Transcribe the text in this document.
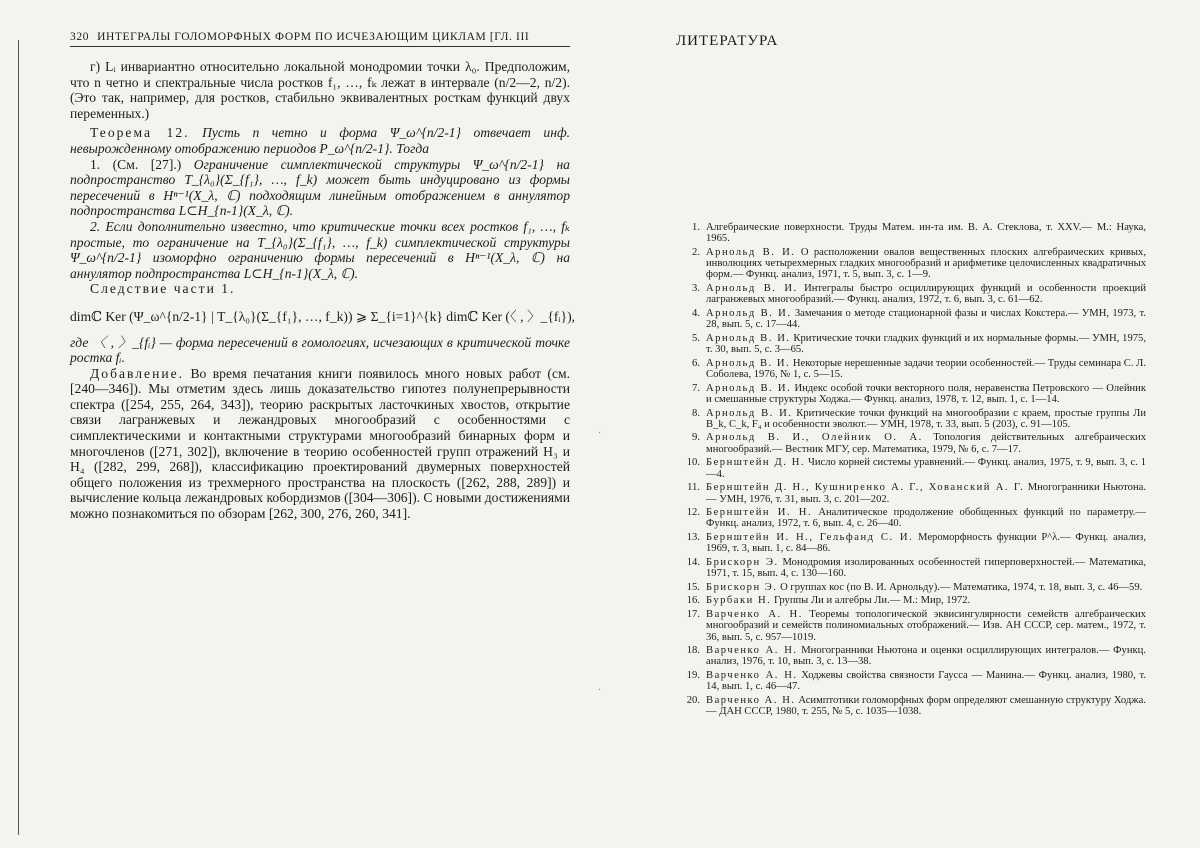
320 ИНТЕГРАЛЫ ГОЛОМОРФНЫХ ФОРМ ПО ИСЧЕЗАЮЩИМ ЦИКЛАМ [ГЛ. III

г) Lᵢ инвариантно относительно локальной монодромии точки λ₀. Предположим, что n четно и спектральные числа ростков f₁, …, fₖ лежат в интервале (n/2—2, n/2). (Это так, например, для ростков, стабильно эквивалентных росткам функций двух переменных.)

Теорема 12. Пусть n четно и форма Ψ_ω^{n/2-1} отвечает инф. невырожденному отображению периодов P_ω^{n/2-1}. Тогда

1. (См. [27].) Ограничение симплектической структуры Ψ_ω^{n/2-1} на подпространство T_{λ₀}(Σ_{f₁}, …, f_k) может быть индуцировано из формы пересечений в Hⁿ⁻¹(X_λ, ℂ) подходящим линейным отображением в аннулятор подпространства L⊂H_{n-1}(X_λ, ℂ).

2. Если дополнительно известно, что критические точки всех ростков f₁, …, fₖ простые, то ограничение на T_{λ₀}(Σ_{f₁}, …, f_k) симплектической структуры Ψ_ω^{n/2-1} изоморфно ограничению формы пересечений в Hⁿ⁻¹(X_λ, ℂ) на аннулятор подпространства L⊂H_{n-1}(X_λ, ℂ).

Следствие части 1.

dimℂ Ker (Ψ_ω^{n/2-1} | T_{λ₀}(Σ_{f₁}, …, f_k)) ⩾ Σ_{i=1}^{k} dimℂ Ker (〈 , 〉_{fᵢ}),

где 〈 , 〉_{fᵢ} — форма пересечений в гомологиях, исчезающих в критической точке ростка fᵢ.

Добавление. Во время печатания книги появилось много новых работ (см. [240—346]). Мы отметим здесь лишь доказательство гипотез полунепрерывности спектра ([254, 255, 264, 343]), теорию раскрытых ласточкиных хвостов, открытие связи лагранжевых и лежандровых многообразий с особенностями с симплектическими и контактными структурами многообразий бинарных форм и многочленов ([271, 302]), включение в теорию особенностей групп отражений H₃ и H₄ ([282, 299, 268]), классификацию проектирований двумерных поверхностей общего положения из трехмерного пространства на плоскость ([262, 288, 289]) и вычисление кольца лежандровых кобордизмов ([304—306]). С новыми достижениями можно познакомиться по обзорам [262, 300, 276, 260, 341].

ЛИТЕРАТУРА
1. Алгебраические поверхности. Труды Матем. ин-та им. В. А. Стеклова, т. XXV.— М.: Наука, 1965.
2. Арнольд В. И. О расположении овалов вещественных плоских алгебраических кривых, инволюциях четырехмерных гладких многообразий и арифметике целочисленных квадратичных форм.— Функц. анализ, 1971, т. 5, вып. 3, с. 1—9.
3. Арнольд В. И. Интегралы быстро осциллирующих функций и особенности проекций лагранжевых многообразий.— Функц. анализ, 1972, т. 6, вып. 3, с. 61—62.
4. Арнольд В. И. Замечания о методе стационарной фазы и числах Кокстера.— УМН, 1973, т. 28, вып. 5, с. 17—44.
5. Арнольд В. И. Критические точки гладких функций и их нормальные формы.— УМН, 1975, т. 30, вып. 5, с. 3—65.
6. Арнольд В. И. Некоторые нерешенные задачи теории особенностей.— Труды семинара С. Л. Соболева, 1976, № 1, с. 5—15.
7. Арнольд В. И. Индекс особой точки векторного поля, неравенства Петровского — Олейник и смешанные структуры Ходжа.— Функц. анализ, 1978, т. 12, вып. 1, с. 1—14.
8. Арнольд В. И. Критические точки функций на многообразии с краем, простые группы Ли B_k, C_k, F₄ и особенности эволют.— УМН, 1978, т. 33, вып. 5 (203), с. 91—105.
9. Арнольд В. И., Олейник О. А. Топология действительных алгебраических многообразий.— Вестник МГУ, сер. Математика, 1979, № 6, с. 7—17.
10. Бернштейн Д. Н. Число корней системы уравнений.— Функц. анализ, 1975, т. 9, вып. 3, с. 1—4.
11. Бернштейн Д. Н., Кушниренко А. Г., Хованский А. Г. Многогранники Ньютона.— УМН, 1976, т. 31, вып. 3, с. 201—202.
12. Бернштейн И. Н. Аналитическое продолжение обобщенных функций по параметру.— Функц. анализ, 1972, т. 6, вып. 4, с. 26—40.
13. Бернштейн И. Н., Гельфанд С. И. Мероморфность функции P^λ.— Функц. анализ, 1969, т. 3, вып. 1, с. 84—86.
14. Брискорн Э. Монодромия изолированных особенностей гиперповерхностей.— Математика, 1971, т. 15, вып. 4, с. 130—160.
15. Брискорн Э. О группах кос (по В. И. Арнольду).— Математика, 1974, т. 18, вып. 3, с. 46—59.
16. Бурбаки Н. Группы Ли и алгебры Ли.— М.: Мир, 1972.
17. Варченко А. Н. Теоремы топологической эквисингулярности семейств алгебраических многообразий и семейств полиномиальных отображений.— Изв. АН СССР, сер. матем., 1972, т. 36, вып. 5, с. 957—1019.
18. Варченко А. Н. Многогранники Ньютона и оценки осциллирующих интегралов.— Функц. анализ, 1976, т. 10, вып. 3, с. 13—38.
19. Варченко А. Н. Ходжевы свойства связности Гаусса — Манина.— Функц. анализ, 1980, т. 14, вып. 1, с. 46—47.
20. Варченко А. Н. Асимптотики голоморфных форм определяют смешанную структуру Ходжа.— ДАН СССР, 1980, т. 255, № 5, с. 1035—1038.
·
·
